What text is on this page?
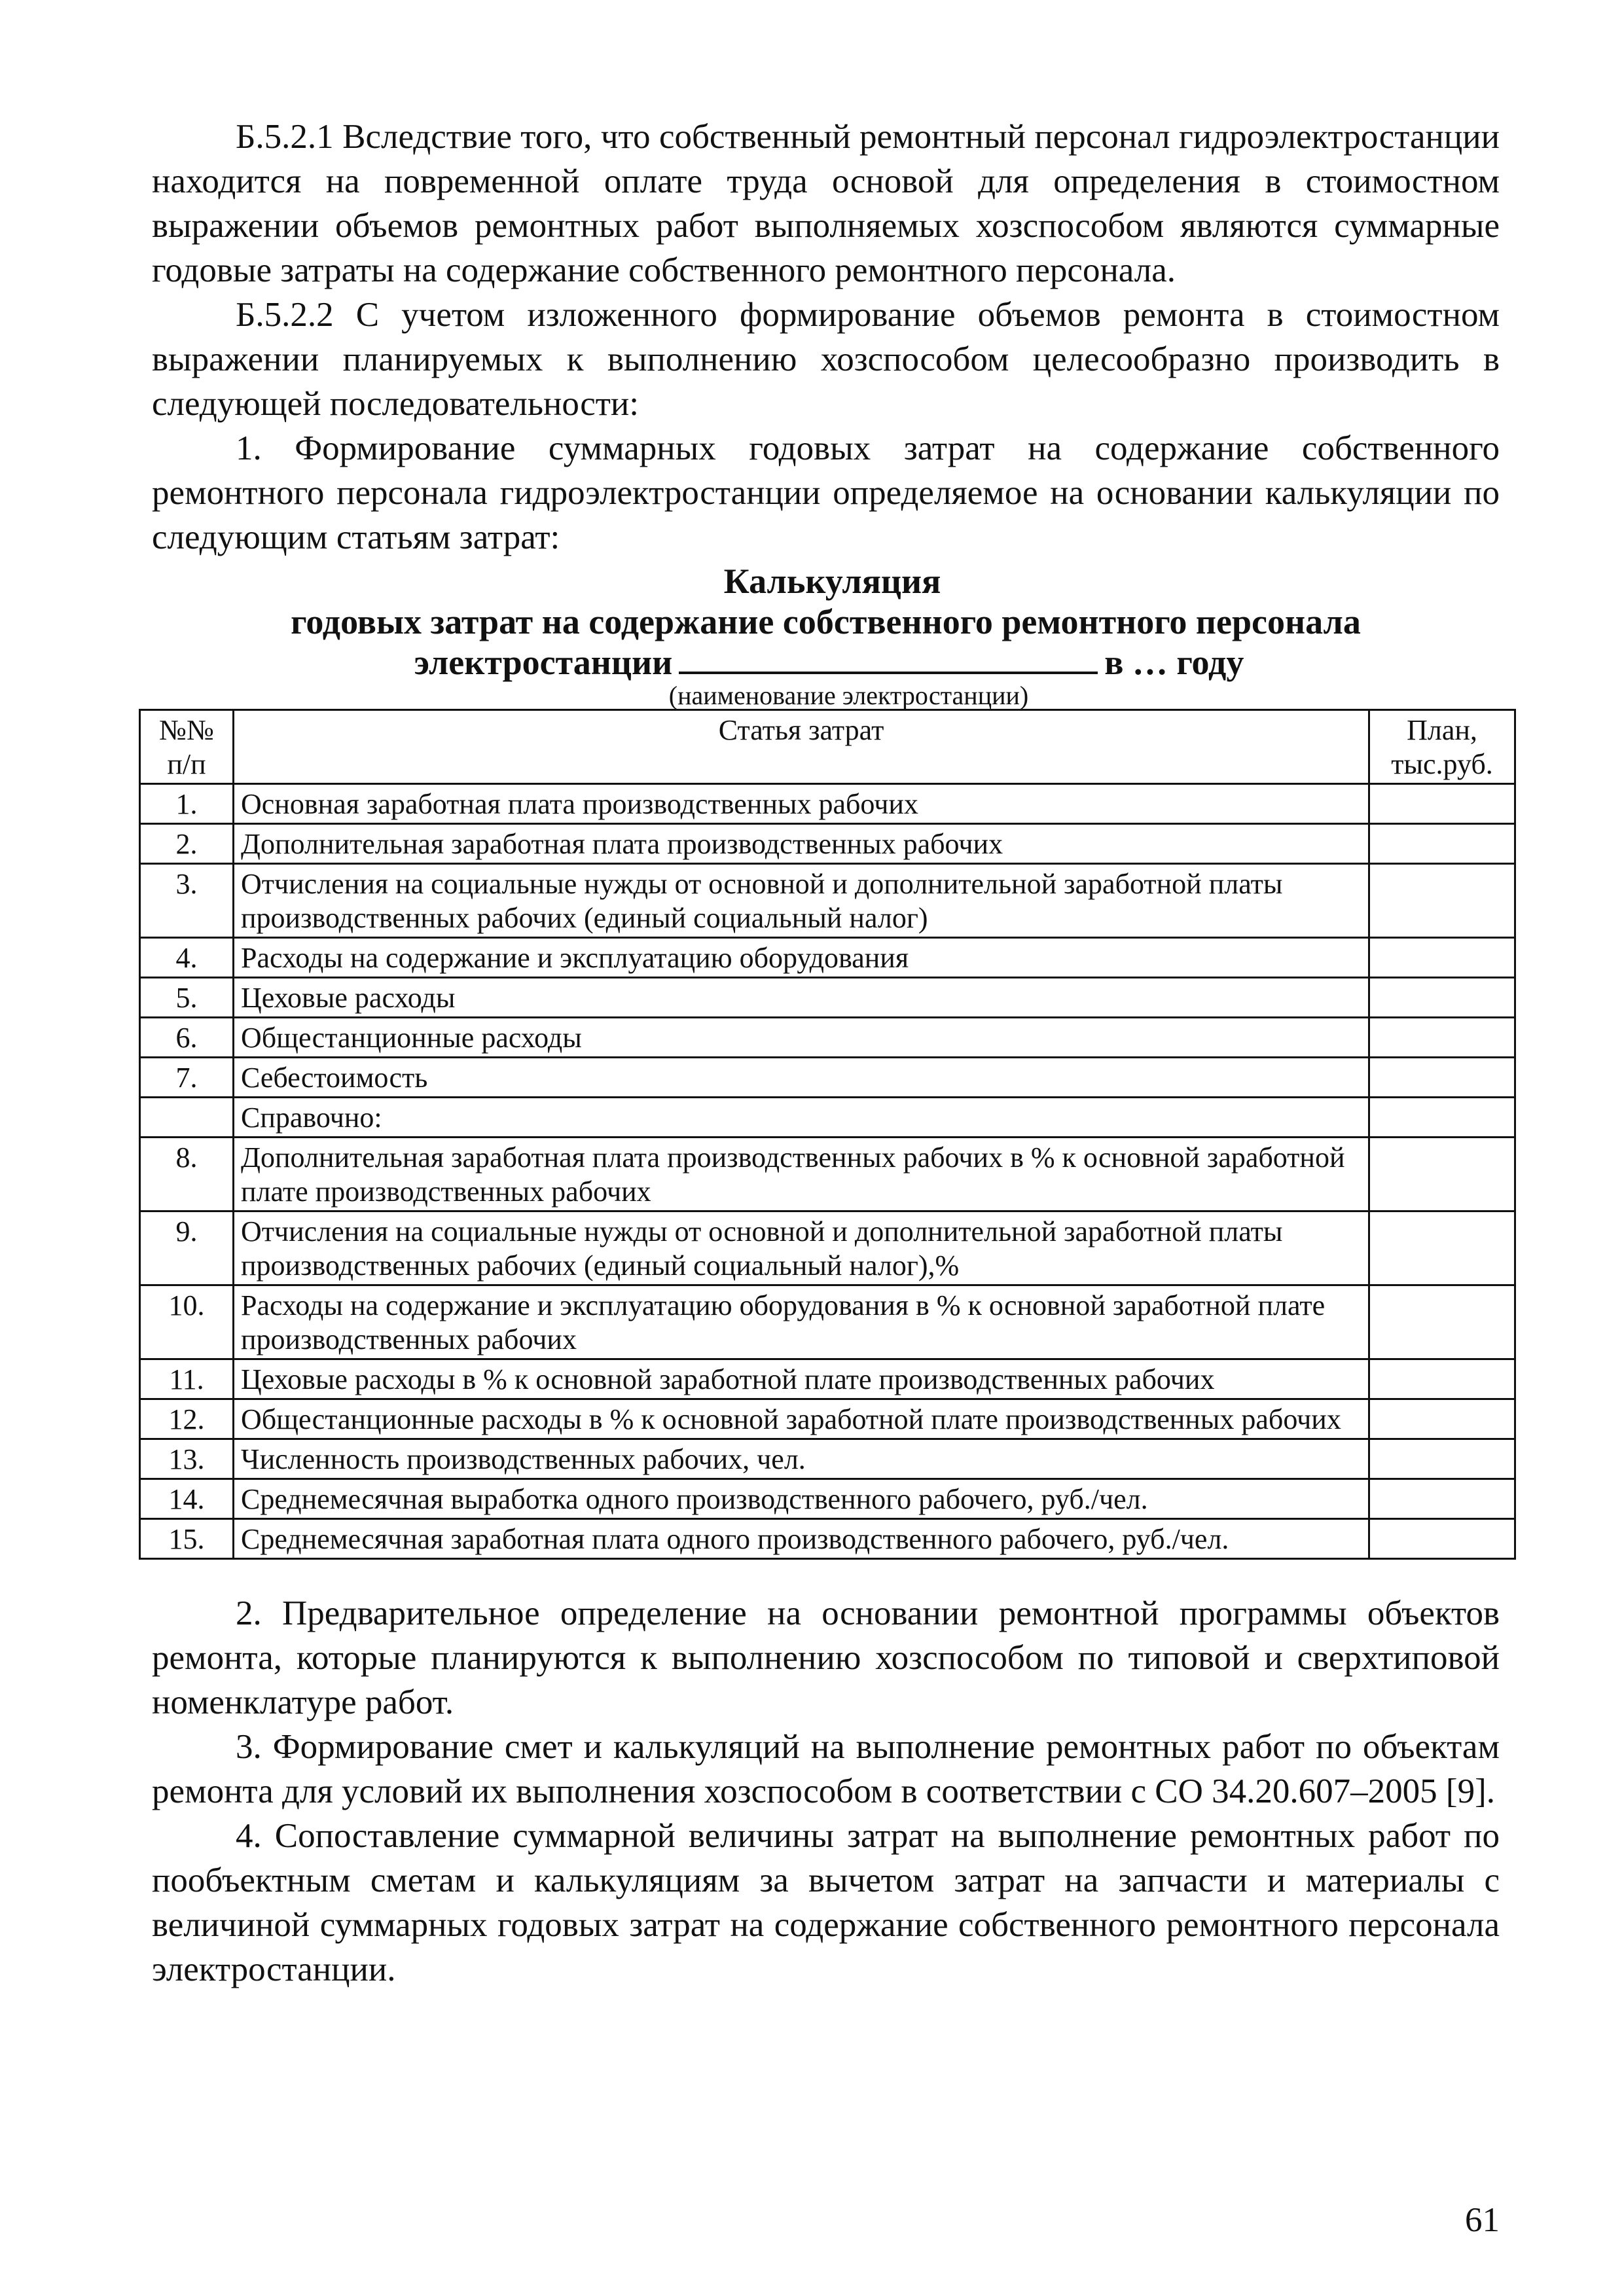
Б.5.2.1 Вследствие того, что собственный ремонтный персонал гидроэлектростанции находится на повременной оплате труда основой для определения в стоимостном выражении объемов ремонтных работ выполняемых хозспособом являются суммарные годовые затраты на содержание собственного ремонтного персонала.

Б.5.2.2 С учетом изложенного формирование объемов ремонта в стоимостном выражении планируемых к выполнению хозспособом целесообразно производить в следующей последовательности:

1. Формирование суммарных годовых затрат на содержание собственного ремонтного персонала гидроэлектростанции определяемое на основании калькуляции по следующим статьям затрат:

Калькуляция

годовых затрат на содержание собственного ремонтного персонала

электростанции	в … году

(наименование электростанции)

№№ п/п	Статья затрат	План, тыс.руб.
1.	Основная заработная плата производственных рабочих	
2.	Дополнительная заработная плата производственных рабочих	
3.	Отчисления на социальные нужды от основной и дополнительной заработной платы производственных рабочих (единый социальный налог)	
4.	Расходы на содержание и эксплуатацию оборудования	
5.	Цеховые расходы	
6.	Общестанционные расходы	
7.	Себестоимость	
	Справочно:	
8.	Дополнительная заработная плата производственных рабочих в % к основной заработной плате производственных рабочих	
9.	Отчисления на социальные нужды от основной и дополнительной заработной платы производственных рабочих (единый социальный налог),%	
10.	Расходы на содержание и эксплуатацию оборудования в % к основной заработной плате производственных рабочих	
11.	Цеховые расходы в % к основной заработной плате производственных рабочих	
12.	Общестанционные расходы в % к основной заработной плате производственных рабочих	
13.	Численность производственных рабочих, чел.	
14.	Среднемесячная выработка одного производственного рабочего, руб./чел.	
15.	Среднемесячная заработная плата одного производственного рабочего, руб./чел.	

2. Предварительное определение на основании ремонтной программы объектов ремонта, которые планируются к выполнению хозспособом по типовой и сверхтиповой номенклатуре работ.

3. Формирование смет и калькуляций на выполнение ремонтных работ по объектам ремонта для условий их выполнения хозспособом в соответствии с СО 34.20.607–2005 [9].

4. Сопоставление суммарной величины затрат на выполнение ремонтных работ по пообъектным сметам и калькуляциям за вычетом затрат на запчасти и материалы с величиной суммарных годовых затрат на содержание собственного ремонтного персонала электростанции.

61
